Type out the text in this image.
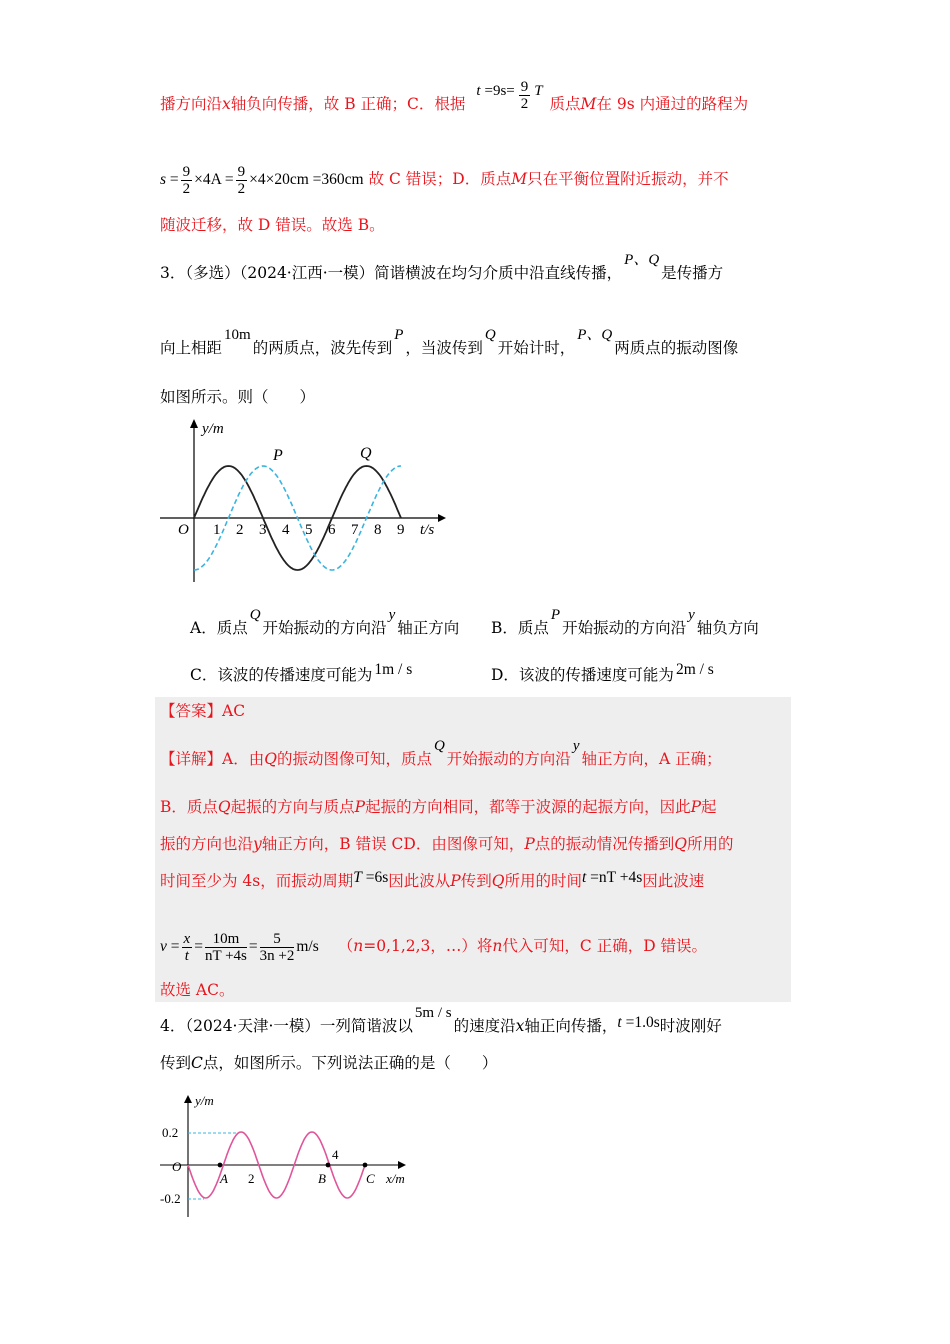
播方向沿x轴负向传播，故 B 正确；C．根据 $t =9s= \frac{9}{2}$ T 质点M在 9s 内通过的路程为
$s = \frac{9}{2} \times 4A = \frac{9}{2} \times 4\times 20cm =360cm$ 故 C 错误；D．质点M只在平衡位置附近振动，并不
随波迁移，故 D 错误。故选 B。
3．（多选）（2024·江西·一模）简谐横波在均匀介质中沿直线传播，P、Q是传播方
向上相距10m的两质点，波先传到P，当波传到Q开始计时，P、Q两质点的振动图像
如图所示。则（　　）
y/m
t/s
O 1 2 3 4 5 6 7 8 9
P	Q
A．质点Q开始振动的方向沿y轴正方向 B．质点P开始振动的方向沿y轴负方向
C．该波的传播速度可能为 1m / s	D．该波的传播速度可能为 2m / s
【答案】AC
【详解】A．由Q的振动图像可知，质点Q开始振动的方向沿y轴正方向，A 正确；
B．质点Q起振的方向与质点P起振的方向相同，都等于波源的起振方向，因此P起
振的方向也沿y轴正方向，B 错误 CD．由图像可知，P点的振动情况传播到Q所用的
时间至少为 4s，而振动周期T =6s因此波从P传到Q所用的时间t =nT +4s因此波速
$v = \frac{x}{t} = \frac{10m}{nT +4s} = \frac{5}{3n +2} m/s$ （n=0,1,2,3，…）将n代入可知，C 正确，D 错误。
故选 AC。
4．（2024·天津·一模）一列简谐波以5m / s的速度沿x轴正向传播，t =1.0s时波刚好
传到C点，如图所示。下列说法正确的是（　　）
y/m
x/m
O
0.2
-0.2
A 2	B
4
C
